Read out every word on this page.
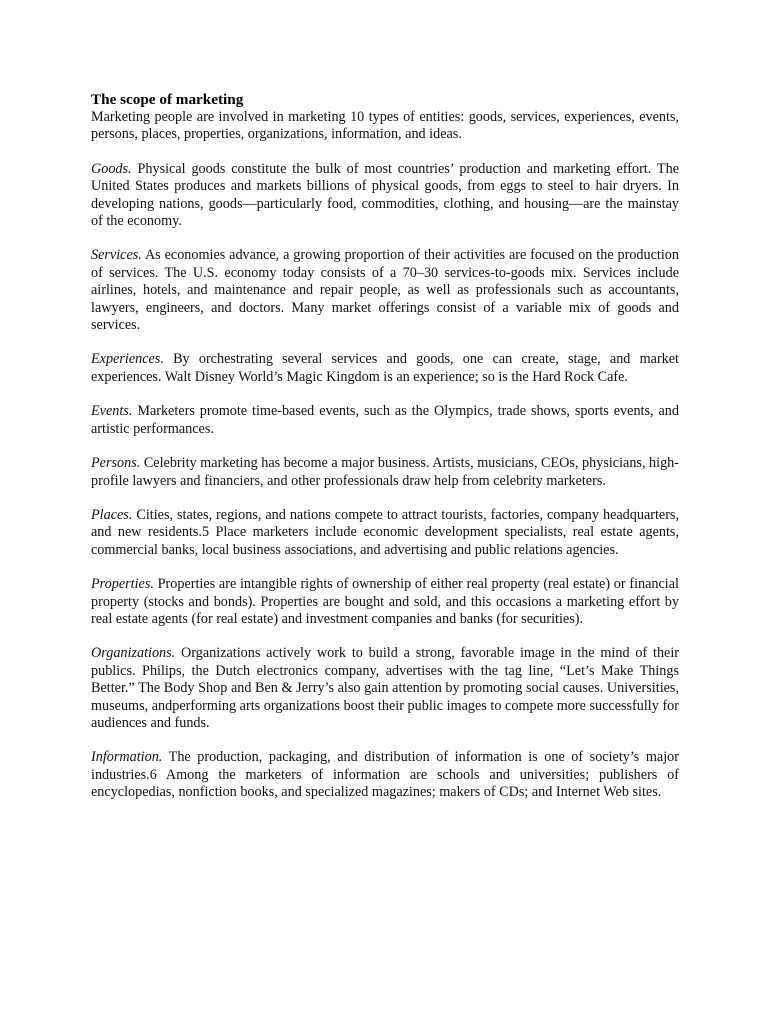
The scope of marketing

Marketing people are involved in marketing 10 types of entities: goods, services, experiences, events, persons, places, properties, organizations, information, and ideas.

Goods. Physical goods constitute the bulk of most countries’ production and marketing effort. The United States produces and markets billions of physical goods, from eggs to steel to hair dryers. In developing nations, goods—particularly food, commodities, clothing, and housing—are the mainstay of the economy.

Services. As economies advance, a growing proportion of their activities are focused on the production of services. The U.S. economy today consists of a 70–30 services-to-goods mix. Services include airlines, hotels, and maintenance and repair people, as well as professionals such as accountants, lawyers, engineers, and doctors. Many market offerings consist of a variable mix of goods and services.

Experiences. By orchestrating several services and goods, one can create, stage, and market experiences. Walt Disney World’s Magic Kingdom is an experience; so is the Hard Rock Cafe.

Events. Marketers promote time-based events, such as the Olympics, trade shows, sports events, and artistic performances.

Persons. Celebrity marketing has become a major business. Artists, musicians, CEOs, physicians, high-profile lawyers and financiers, and other professionals draw help from celebrity marketers.

Places. Cities, states, regions, and nations compete to attract tourists, factories, company headquarters, and new residents.5 Place marketers include economic development specialists, real estate agents, commercial banks, local business associations, and advertising and public relations agencies.

Properties. Properties are intangible rights of ownership of either real property (real estate) or financial property (stocks and bonds). Properties are bought and sold, and this occasions a marketing effort by real estate agents (for real estate) and investment companies and banks (for securities).

Organizations. Organizations actively work to build a strong, favorable image in the mind of their publics. Philips, the Dutch electronics company, advertises with the tag line, “Let’s Make Things Better.” The Body Shop and Ben & Jerry’s also gain attention by promoting social causes. Universities, museums, andperforming arts organizations boost their public images to compete more successfully for audiences and funds.

Information. The production, packaging, and distribution of information is one of society’s major industries.6 Among the marketers of information are schools and universities; publishers of encyclopedias, nonfiction books, and specialized magazines; makers of CDs; and Internet Web sites.
